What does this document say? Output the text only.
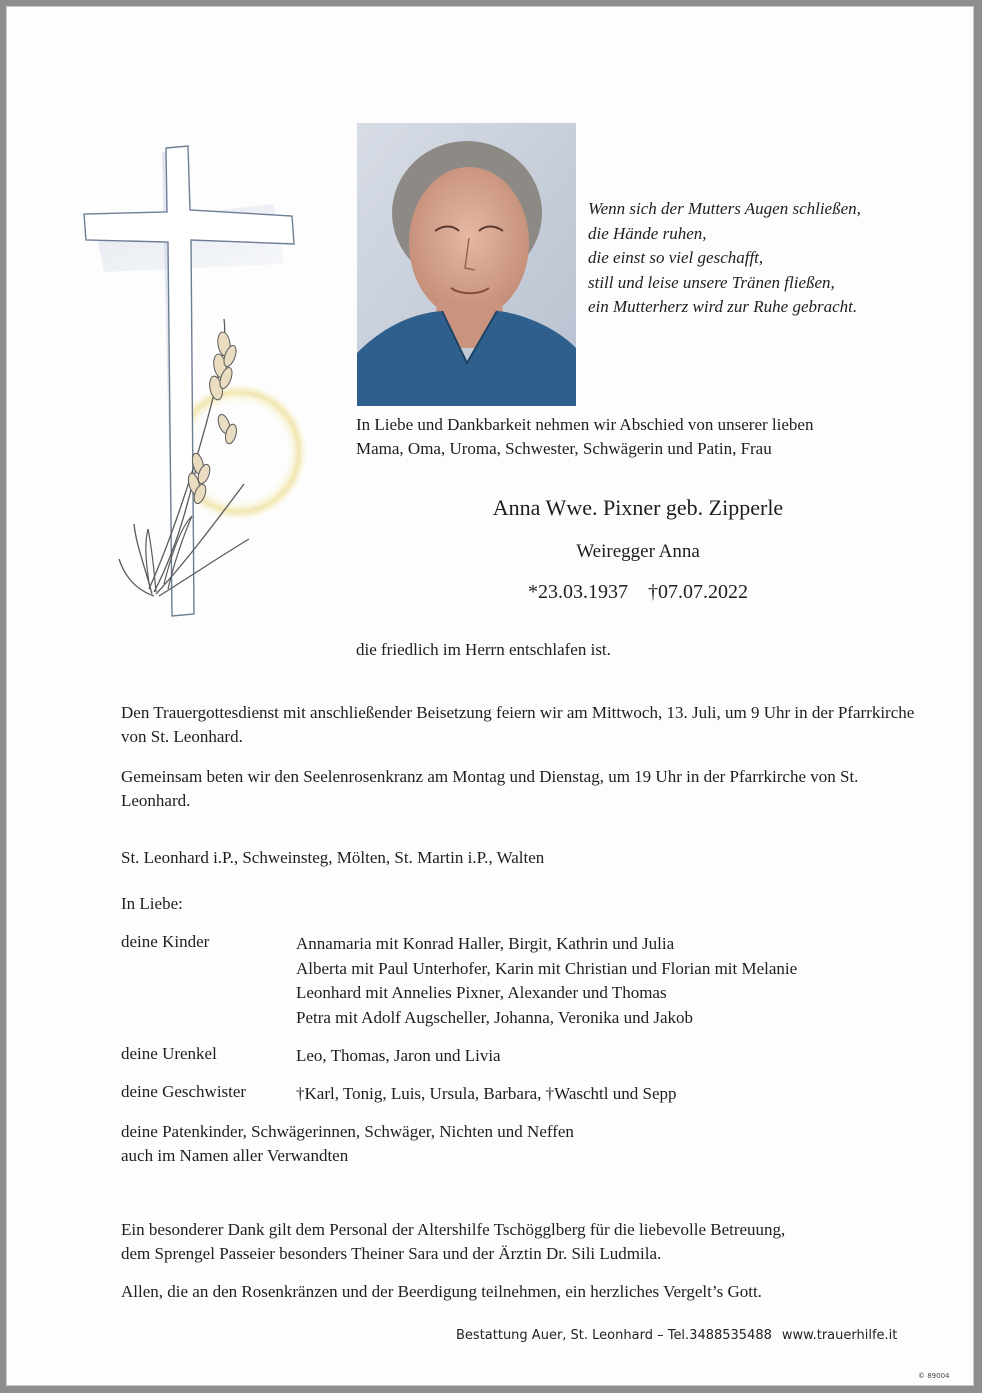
Wenn sich der Mutters Augen schließen,
die Hände ruhen,
die einst so viel geschafft,
still und leise unsere Tränen fließen,
ein Mutterherz wird zur Ruhe gebracht.
In Liebe und Dankbarkeit nehmen wir Abschied von unserer lieben
Mama, Oma, Uroma, Schwester, Schwägerin und Patin, Frau
Anna Wwe. Pixner geb. Zipperle
Weiregger Anna
*23.03.1937 †07.07.2022
die friedlich im Herrn entschlafen ist.
Den Trauergottesdienst mit anschließender Beisetzung feiern wir am Mittwoch, 13. Juli, um 9 Uhr in der Pfarrkirche von St. Leonhard.
Gemeinsam beten wir den Seelenrosenkranz am Montag und Dienstag, um 19 Uhr in der Pfarrkirche von St. Leonhard.
St. Leonhard i.P., Schweinsteg, Mölten, St. Martin i.P., Walten
In Liebe:
deine Kinder	Annamaria mit Konrad Haller, Birgit, Kathrin und Julia
Alberta mit Paul Unterhofer, Karin mit Christian und Florian mit Melanie
Leonhard mit Annelies Pixner, Alexander und Thomas
Petra mit Adolf Augscheller, Johanna, Veronika und Jakob
deine Urenkel	Leo, Thomas, Jaron und Livia
deine Geschwister	†Karl, Tonig, Luis, Ursula, Barbara, †Waschtl und Sepp
deine Patenkinder, Schwägerinnen, Schwäger, Nichten und Neffen
auch im Namen aller Verwandten
Ein besonderer Dank gilt dem Personal der Altershilfe Tschögglberg für die liebevolle Betreuung,
dem Sprengel Passeier besonders Theiner Sara und der Ärztin Dr. Sili Ludmila.
Allen, die an den Rosenkränzen und der Beerdigung teilnehmen, ein herzliches Vergelt’s Gott.
Bestattung Auer, St. Leonhard – Tel.3488535488 www.trauerhilfe.it
© 89004
